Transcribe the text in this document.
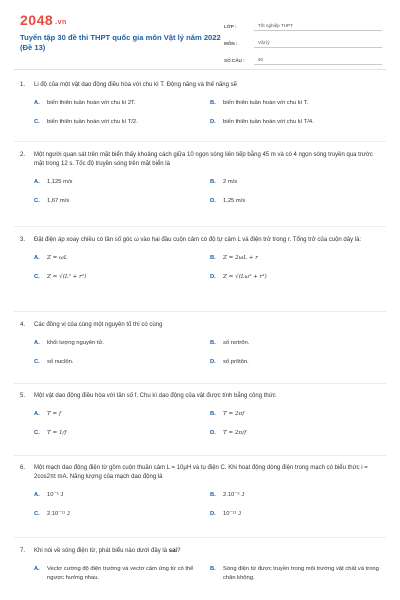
2048 .vn
Tuyển tập 30 đề thi THPT quốc gia môn Vật lý năm 2022 (Đề 13)
LỚP :	Tốt nghiệp THPT
MÔN :	Vật lý
SỐ CÂU :	40
1.	Li độ của một vật dao động điều hòa với chu kì T. Động năng và thế năng sẽ
A.	biến thiên tuần hoàn với chu kì 2T.	B.	biến thiên tuần hoàn với chu kì T.
C.	biến thiên tuần hoàn với chu kì T/2.	D.	biến thiên tuần hoàn với chu kì T/4.
2.	Một người quan sát trên mặt biển thấy khoảng cách giữa 10 ngọn sóng liên tiếp bằng 45 m và có 4 ngọn sóng truyền qua trước mặt trong 12 s. Tốc độ truyền sóng trên mặt biển là
A.	1,125 m/s	B.	2 m/s
C.	1,67 m/s	D.	1,25 m/s
3.	Đặt điện áp xoay chiều có tần số góc ω vào hai đầu cuộn cảm có độ tự cảm L và điện trở trong r. Tổng trở của cuộn dây là:
A.	Z = ωL	B.	Z = 2ωL + r
C.	Z = √(L² + r²)	D.	Z = √(Lω² + r²)
4.	Các đồng vị của cùng một nguyên tố thì có cùng
A.	khối lượng nguyên tử.	B.	số nơtrôn.
C.	số nuclôn.	D.	số prôtôn.
5.	Một vật dao động điều hòa với tần số f. Chu kì dao động của vật được tính bằng công thức
A.	T = f	B.	T = 2πf
C.	T = 1/f	D.	T = 2π/f
6.	Một mạch dao động điện từ gồm cuộn thuần cảm L = 10μH và tụ điện C. Khi hoạt động dòng điện trong mạch có biểu thức i = 2cos2πt mA. Năng lượng của mạch dao động là
A.	10⁻⁵ J	B.	2.10⁻⁵ J
C.	2.10⁻¹¹ J	D.	10⁻¹¹ J
7.	Khi nói về sóng điện từ, phát biểu nào dưới đây là sai?
A.	Vectơ cường độ điện trường và vectơ cảm ứng từ có thể ngược hướng nhau.
B.	Sóng điện từ được truyền trong môi trường vật chất và trong chân không.
